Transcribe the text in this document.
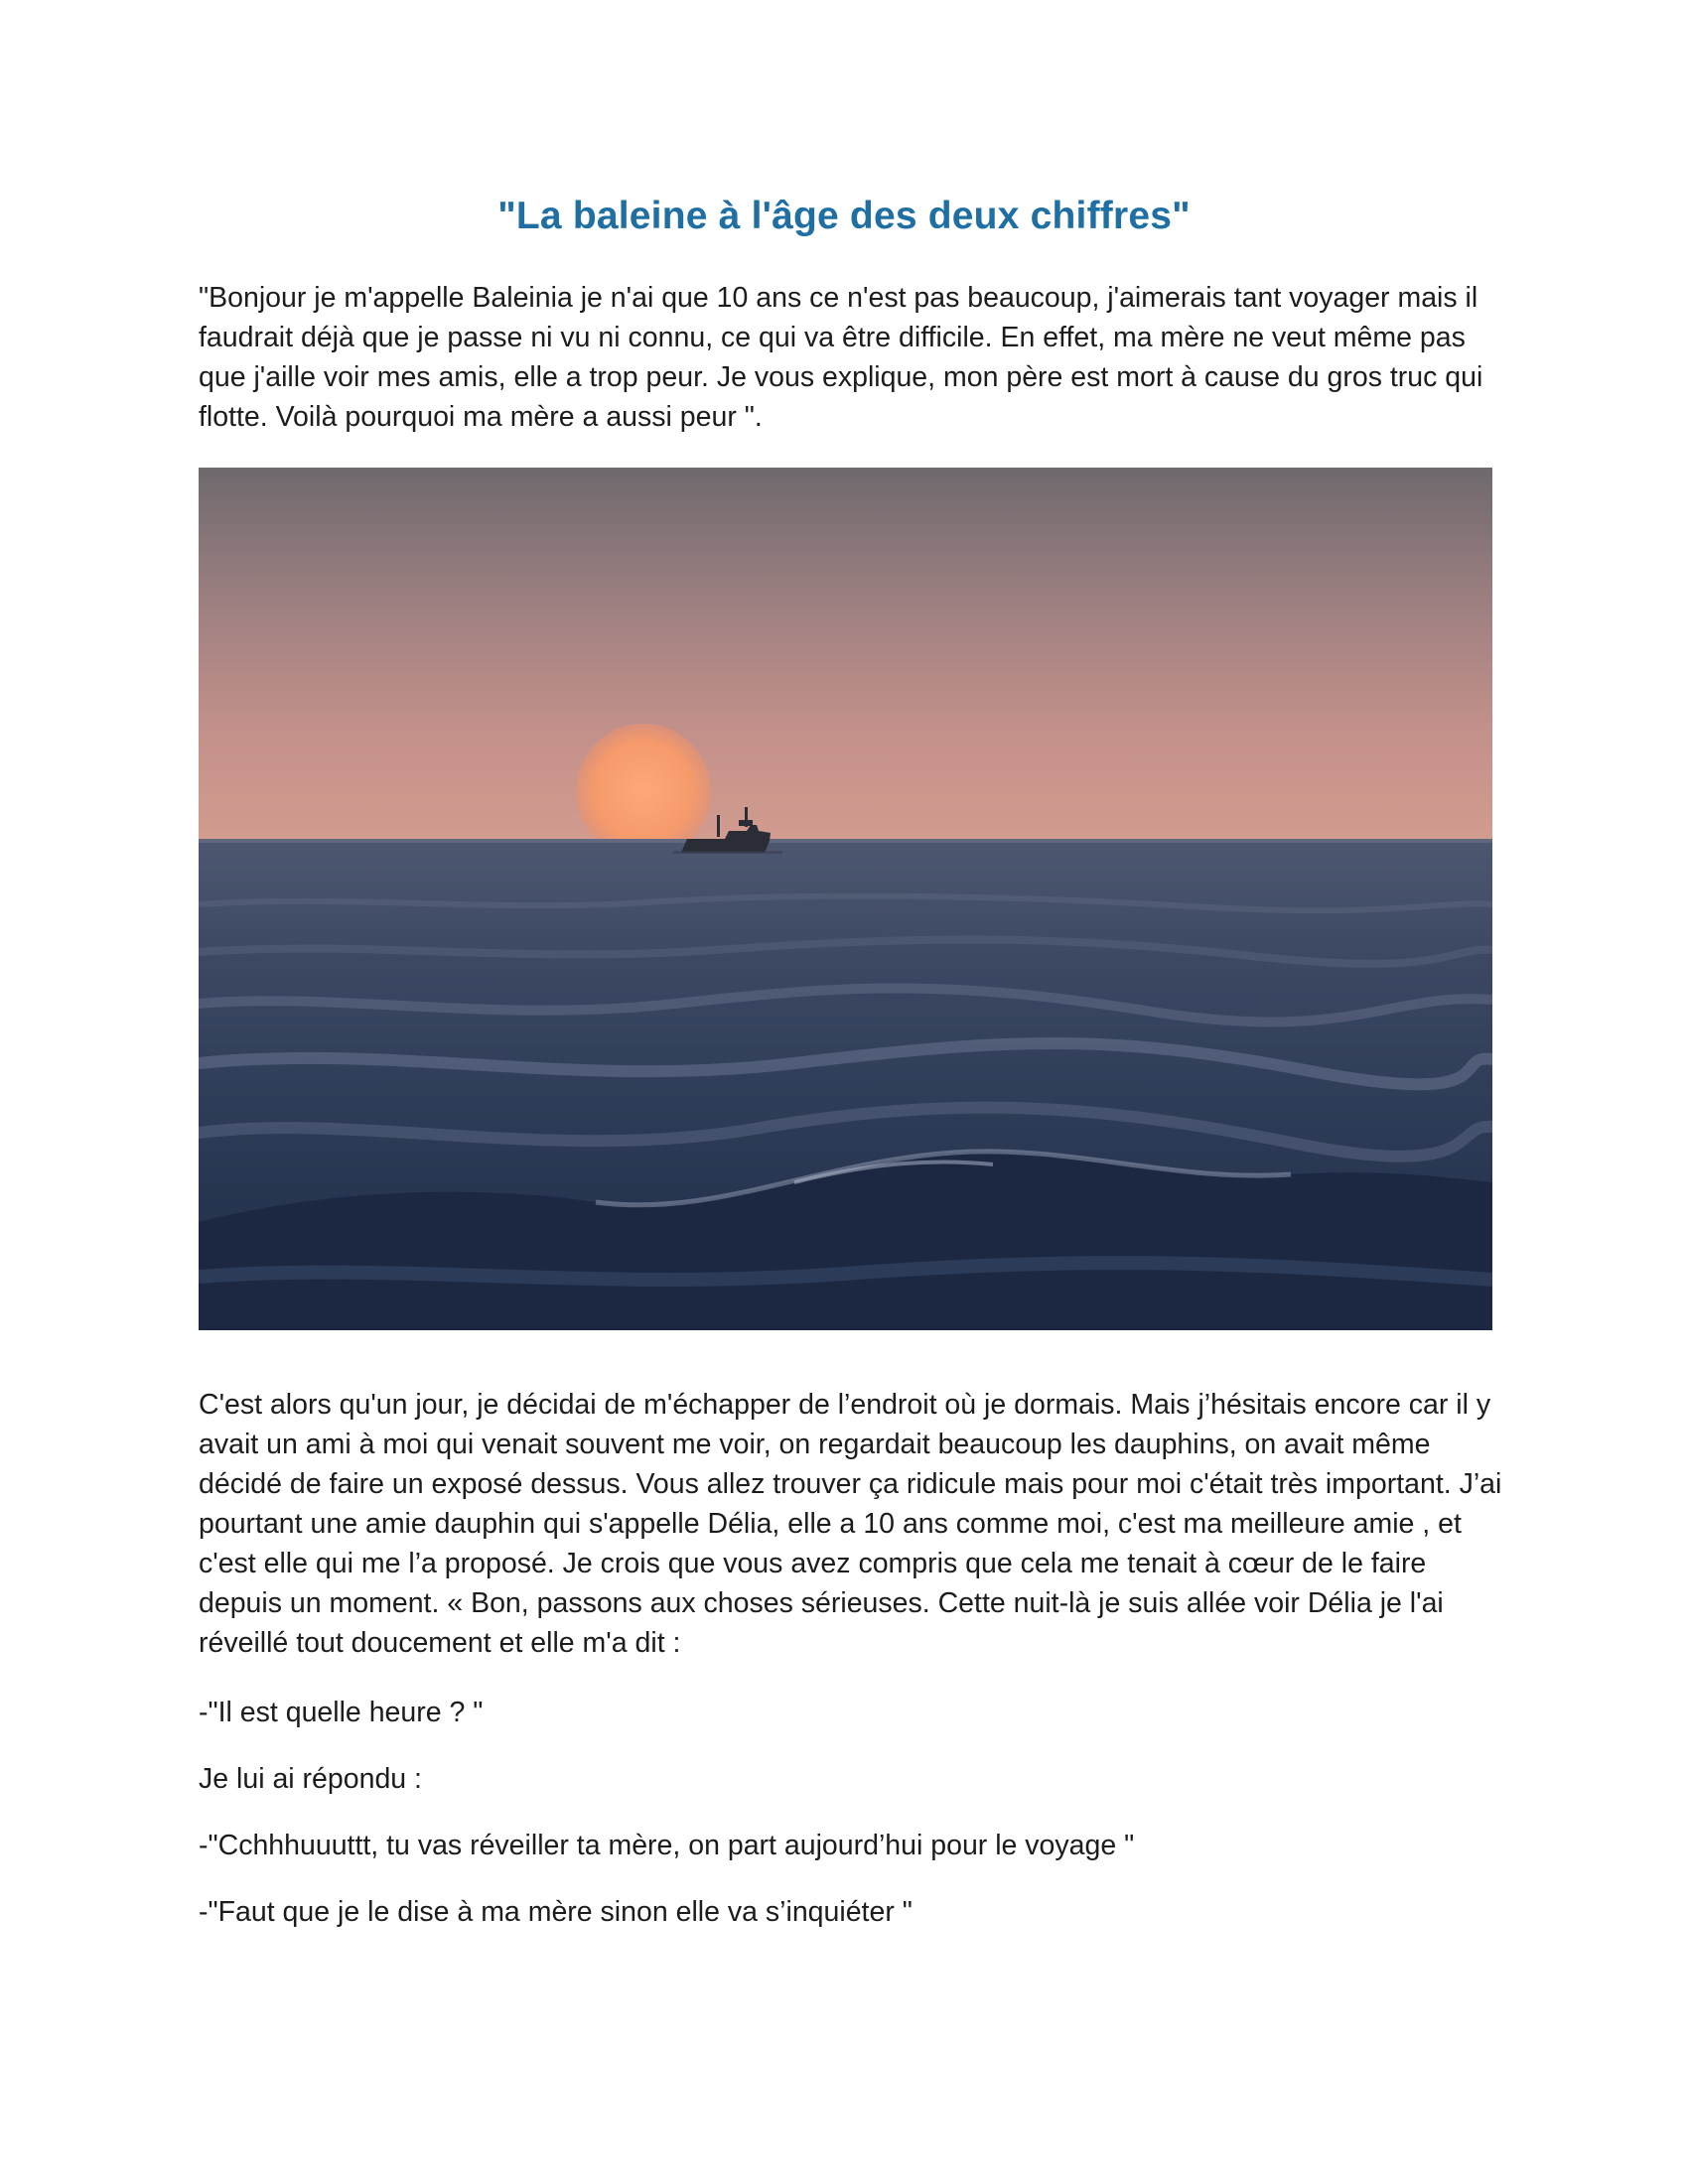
"La baleine à l'âge des deux chiffres"

"Bonjour je m'appelle Baleinia je n'ai que 10 ans ce n'est pas beaucoup, j'aimerais tant voyager mais il faudrait déjà que je passe ni vu ni connu, ce qui va être difficile. En effet, ma mère ne veut même pas que j'aille voir mes amis, elle a trop peur. Je vous explique, mon père est mort à cause du gros truc qui flotte. Voilà pourquoi ma mère a aussi peur ".

C'est alors qu'un jour, je décidai de m'échapper de l’endroit où je dormais. Mais j’hésitais encore car il y avait un ami à moi qui venait souvent me voir, on regardait beaucoup les dauphins, on avait même décidé de faire un exposé dessus. Vous allez trouver ça ridicule mais pour moi c'était très important. J’ai pourtant une amie dauphin qui s'appelle Délia, elle a 10 ans comme moi, c'est ma meilleure amie , et c'est elle qui me l’a proposé. Je crois que vous avez compris que cela me tenait à cœur de le faire depuis un moment. « Bon, passons aux choses sérieuses. Cette nuit-là je suis allée voir Délia je l'ai réveillé tout doucement et elle m'a dit :

-"Il est quelle heure ? "

Je lui ai répondu :

-"Cchhhuuuttt, tu vas réveiller ta mère, on part aujourd’hui pour le voyage "

-"Faut que je le dise à ma mère sinon elle va s’inquiéter "
